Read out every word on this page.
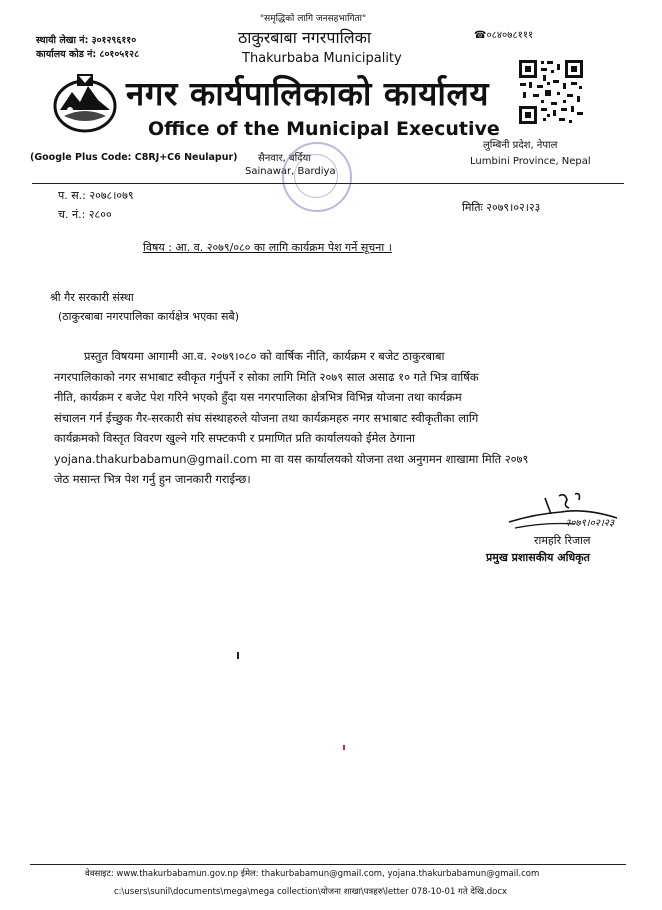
स्थायी लेखा नं: ३०१२९६११०
कार्यालय कोड नं: ८०१०५१२८
"समृद्धिको लागि जनसहभागिता"
ठाकुरबाबा नगरपालिका
Thakurbaba Municipality
☎०८४०७८१११
नगर कार्यपालिकाको कार्यालय
Office of the Municipal Executive
लुम्बिनी प्रदेश, नेपाल
(Google Plus Code: C8RJ+C6 Neulapur) सैनवार, बर्दिया
Sainawar, Bardiya
Lumbini Province, Nepal
प. स.: २०७८।०७९
च. नं.: २८००
मितिः २०७९।०२।२३
विषय : आ. व. २०७९/०८० का लागि कार्यक्रम पेश गर्ने सूचना ।
श्री गैर सरकारी संस्था
(ठाकुरबाबा नगरपालिका कार्यक्षेत्र भएका सबै)

प्रस्तुत विषयमा आगामी आ.व. २०७९।०८० को वार्षिक नीति, कार्यक्रम र बजेट ठाकुरबाबा

नगरपालिकाको नगर सभाबाट स्वीकृत गर्नुपर्ने र सोका लागि मिति २०७९ साल असाढ १० गते भित्र वार्षिक

नीति, कार्यक्रम र बजेट पेश गरिने भएको हुँदा यस नगरपालिका क्षेत्रभित्र विभिन्न योजना तथा कार्यक्रम

संचालन गर्न ईच्छुक गैर-सरकारी संघ संस्थाहरुले योजना तथा कार्यक्रमहरु नगर सभाबाट स्वीकृतीका लागि

कार्यक्रमको विस्तृत विवरण खुल्ने गरि सफ्टकपी र प्रमाणित प्रति कार्यालयको ईमेल ठेगाना

yojana.thakurbabamun@gmail.com मा वा यस कार्यालयको योजना तथा अनुगमन शाखामा मिति २०७९

जेठ मसान्त भित्र पेश गर्नु हुन जानकारी गराईन्छ।

२०७९।०२।२३
रामहरि रिजाल
प्रमुख प्रशासकीय अधिकृत
वेवसाइट: www.thakurbabamun.gov.np ईमेल: thakurbabamun@gmail.com, yojana.thakurbabamun@gmail.com
c:\users\sunil\documents\mega\mega collection\योजना शाखा\पत्रहरु\letter 078-10-01 गते देखि.docx
